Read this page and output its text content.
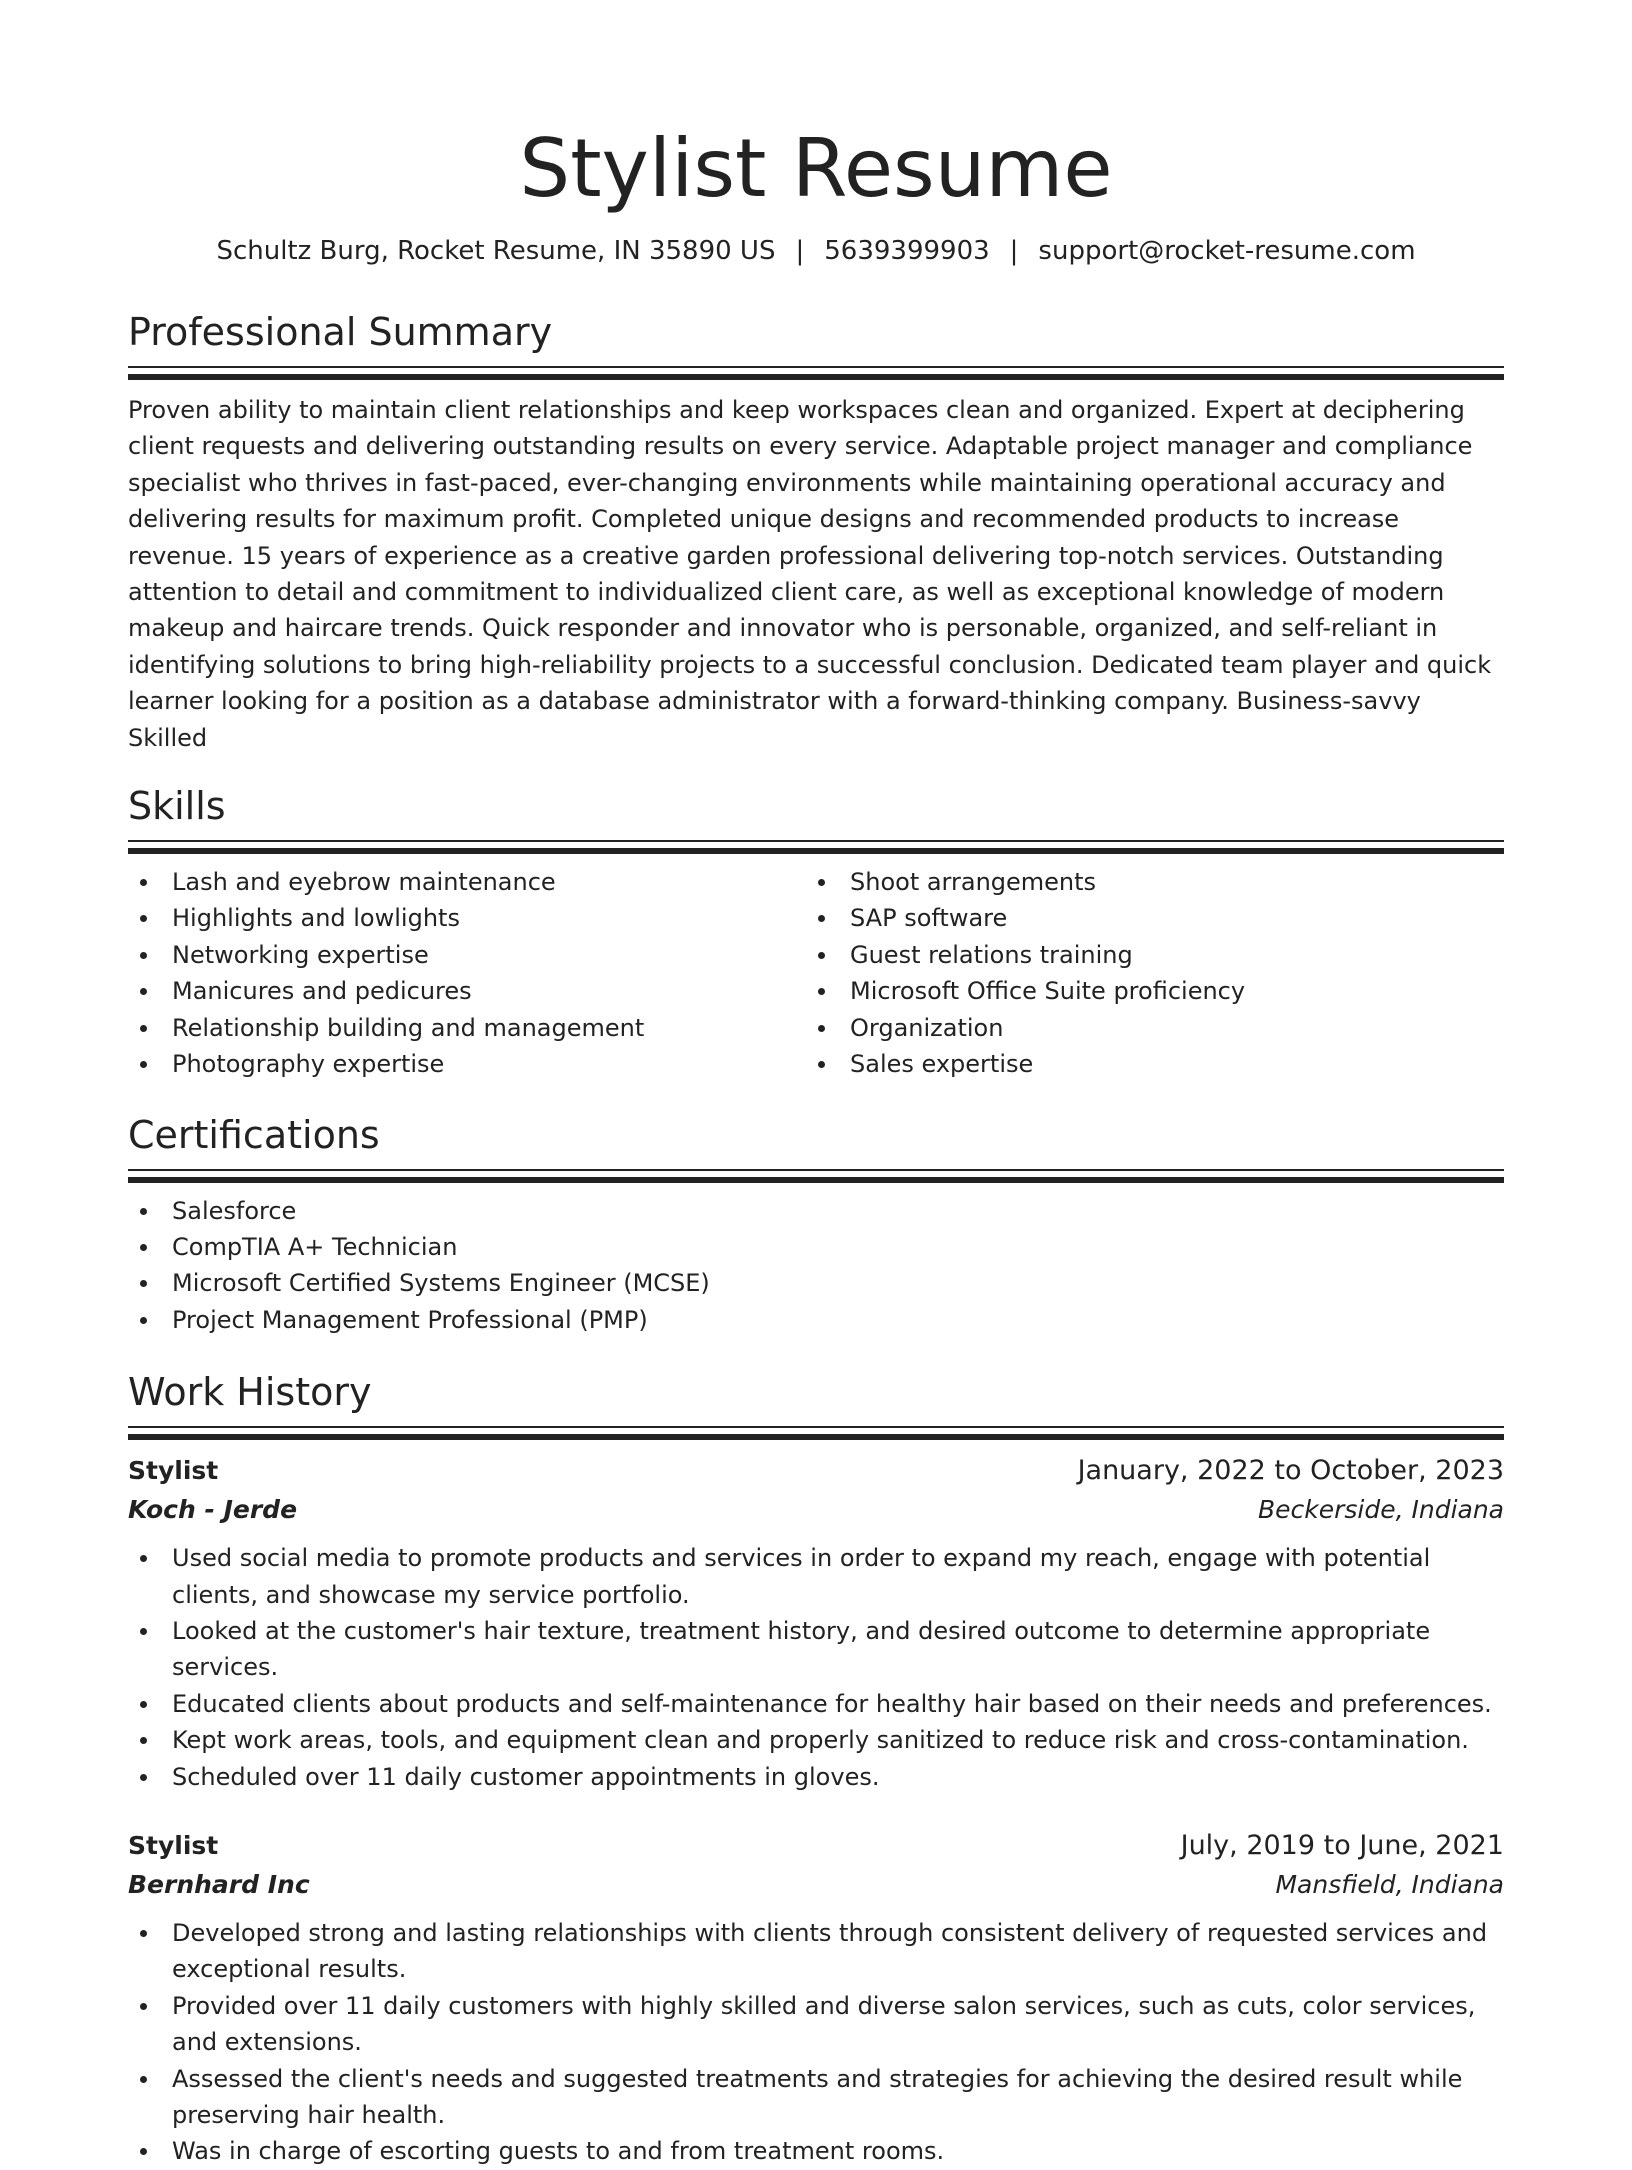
Stylist Resume
Schultz Burg, Rocket Resume, IN 35890 US | 5639399903 | support@rocket-resume.com
Professional Summary
Proven ability to maintain client relationships and keep workspaces clean and organized. Expert at deciphering client requests and delivering outstanding results on every service. Adaptable project manager and compliance specialist who thrives in fast-paced, ever-changing environments while maintaining operational accuracy and delivering results for maximum profit. Completed unique designs and recommended products to increase revenue. 15 years of experience as a creative garden professional delivering top-notch services. Outstanding attention to detail and commitment to individualized client care, as well as exceptional knowledge of modern makeup and haircare trends. Quick responder and innovator who is personable, organized, and self-reliant in identifying solutions to bring high-reliability projects to a successful conclusion. Dedicated team player and quick learner looking for a position as a database administrator with a forward-thinking company. Business-savvy Skilled
Skills
Lash and eyebrow maintenance
Highlights and lowlights
Networking expertise
Manicures and pedicures
Relationship building and management
Photography expertise
Shoot arrangements
SAP software
Guest relations training
Microsoft Office Suite proficiency
Organization
Sales expertise
Certifications
Salesforce
CompTIA A+ Technician
Microsoft Certified Systems Engineer (MCSE)
Project Management Professional (PMP)
Work History
Stylist	January, 2022 to October, 2023
Koch - Jerde	Beckerside, Indiana
Used social media to promote products and services in order to expand my reach, engage with potential clients, and showcase my service portfolio.
Looked at the customer's hair texture, treatment history, and desired outcome to determine appropriate services.
Educated clients about products and self-maintenance for healthy hair based on their needs and preferences.
Kept work areas, tools, and equipment clean and properly sanitized to reduce risk and cross-contamination.
Scheduled over 11 daily customer appointments in gloves.
Stylist	July, 2019 to June, 2021
Bernhard Inc	Mansfield, Indiana
Developed strong and lasting relationships with clients through consistent delivery of requested services and exceptional results.
Provided over 11 daily customers with highly skilled and diverse salon services, such as cuts, color services, and extensions.
Assessed the client's needs and suggested treatments and strategies for achieving the desired result while preserving hair health.
Was in charge of escorting guests to and from treatment rooms.
